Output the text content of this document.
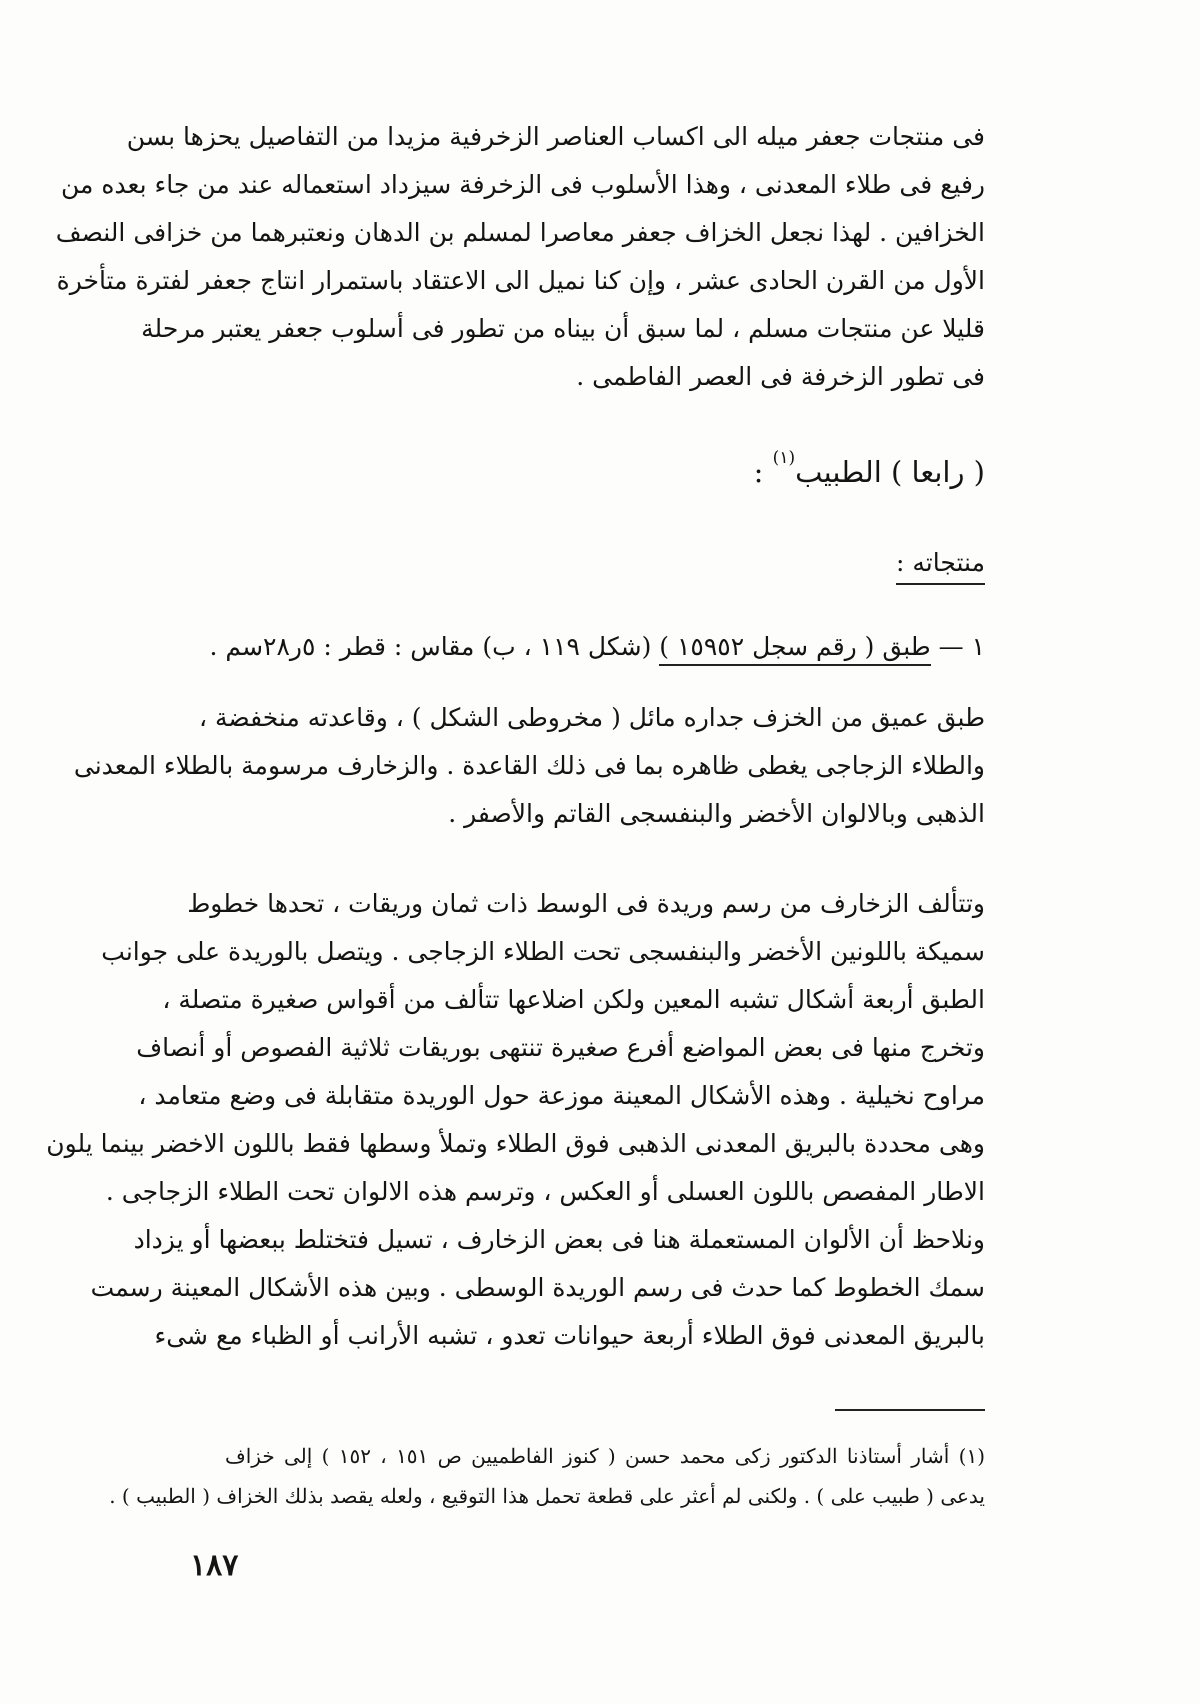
فى منتجات جعفر ميله الى اكساب العناصر الزخرفية مزيدا من التفاصيل يحزها بسن
رفيع فى طلاء المعدنى ، وهذا الأسلوب فى الزخرفة سيزداد استعماله عند من جاء بعده من
الخزافين . لهذا نجعل الخزاف جعفر معاصرا لمسلم بن الدهان ونعتبرهما من خزافى النصف
الأول من القرن الحادى عشر ، وإن كنا نميل الى الاعتقاد باستمرار انتاج جعفر لفترة متأخرة
قليلا عن منتجات مسلم ، لما سبق أن بيناه من تطور فى أسلوب جعفر يعتبر مرحلة
فى تطور الزخرفة فى العصر الفاطمى .
( رابعا ) الطبيب$^{(١)}$ :
منتجاته :
١ — طبق ( رقم سجل ١٥٩٥٢ ) (شكل ١١٩ ، ب) مقاس : قطر : ٥ر٢٨سم .
طبق عميق من الخزف جداره مائل ( مخروطى الشكل ) ، وقاعدته منخفضة ،
والطلاء الزجاجى يغطى ظاهره بما فى ذلك القاعدة . والزخارف مرسومة بالطلاء المعدنى
الذهبى وبالالوان الأخضر والبنفسجى القاتم والأصفر .
وتتألف الزخارف من رسم وريدة فى الوسط ذات ثمان وريقات ، تحدها خطوط
سميكة باللونين الأخضر والبنفسجى تحت الطلاء الزجاجى . ويتصل بالوريدة على جوانب
الطبق أربعة أشكال تشبه المعين ولكن اضلاعها تتألف من أقواس صغيرة متصلة ،
وتخرج منها فى بعض المواضع أفرع صغيرة تنتهى بوريقات ثلاثية الفصوص أو أنصاف
مراوح نخيلية . وهذه الأشكال المعينة موزعة حول الوريدة متقابلة فى وضع متعامد ،
وهى محددة بالبريق المعدنى الذهبى فوق الطلاء وتملأ وسطها فقط باللون الاخضر بينما يلون
الاطار المفصص باللون العسلى أو العكس ، وترسم هذه الالوان تحت الطلاء الزجاجى .
ونلاحظ أن الألوان المستعملة هنا فى بعض الزخارف ، تسيل فتختلط ببعضها أو يزداد
سمك الخطوط كما حدث فى رسم الوريدة الوسطى . وبين هذه الأشكال المعينة رسمت
بالبريق المعدنى فوق الطلاء أربعة حيوانات تعدو ، تشبه الأرانب أو الظباء مع شىء
(١) أشار أستاذنا الدكتور زكى محمد حسن ( كنوز الفاطميين ص ١٥١ ، ١٥٢ ) إلى خزاف
يدعى ( طبيب على ) . ولكنى لم أعثر على قطعة تحمل هذا التوقيع ، ولعله يقصد بذلك الخزاف ( الطبيب ) .
١٨٧
